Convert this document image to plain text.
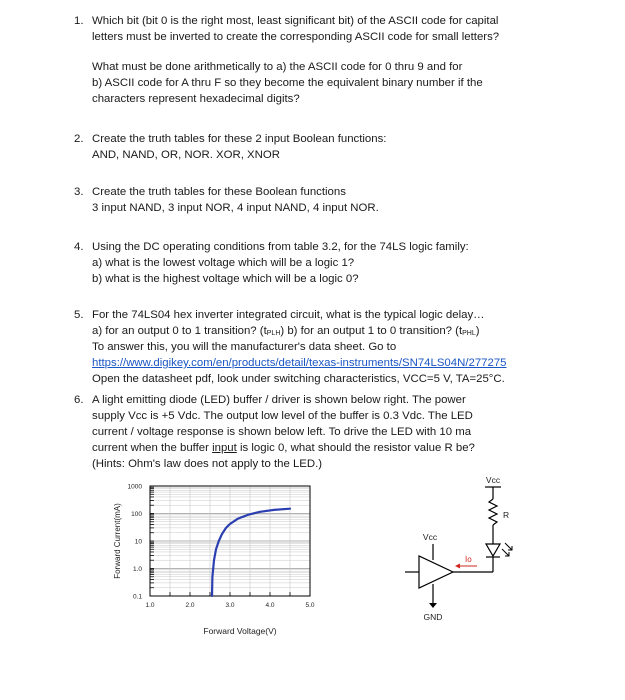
1. Which bit (bit 0 is the right most, least significant bit) of the ASCII code for capital
letters must be inverted to create the corresponding ASCII code for small letters?
What must be done arithmetically to a) the ASCII code for 0 thru 9 and for
b) ASCII code for A thru F so they become the equivalent binary number if the
characters represent hexadecimal digits?
2. Create the truth tables for these 2 input Boolean functions:
AND, NAND, OR, NOR. XOR, XNOR
3. Create the truth tables for these Boolean functions
3 input NAND, 3 input NOR, 4 input NAND, 4 input NOR.
4. Using the DC operating conditions from table 3.2, for the 74LS logic family:
a) what is the lowest voltage which will be a logic 1?
b) what is the highest voltage which will be a logic 0?
5. For the 74LS04 hex inverter integrated circuit, what is the typical logic delay…
a) for an output 0 to 1 transition? (tPLH) b) for an output 1 to 0 transition? (tPHL)
To answer this, you will the manufacturer's data sheet. Go to
https://www.digikey.com/en/products/detail/texas-instruments/SN74LS04N/277275
Open the datasheet pdf, look under switching characteristics, VCC=5 V, TA=25°C.
6. A light emitting diode (LED) buffer / driver is shown below right. The power
supply Vcc is +5 Vdc. The output low level of the buffer is 0.3 Vdc. The LED
current / voltage response is shown below left. To drive the LED with 10 ma
current when the buffer input is logic 0, what should the resistor value R be?
(Hints: Ohm's law does not apply to the LED.)
1.0	2.0	3.0	4.0	5.0
1000
100
10
1.0
0.1
Forward Voltage(V)
Forward Current(mA)
Vcc
R
Io
Vcc
GND
